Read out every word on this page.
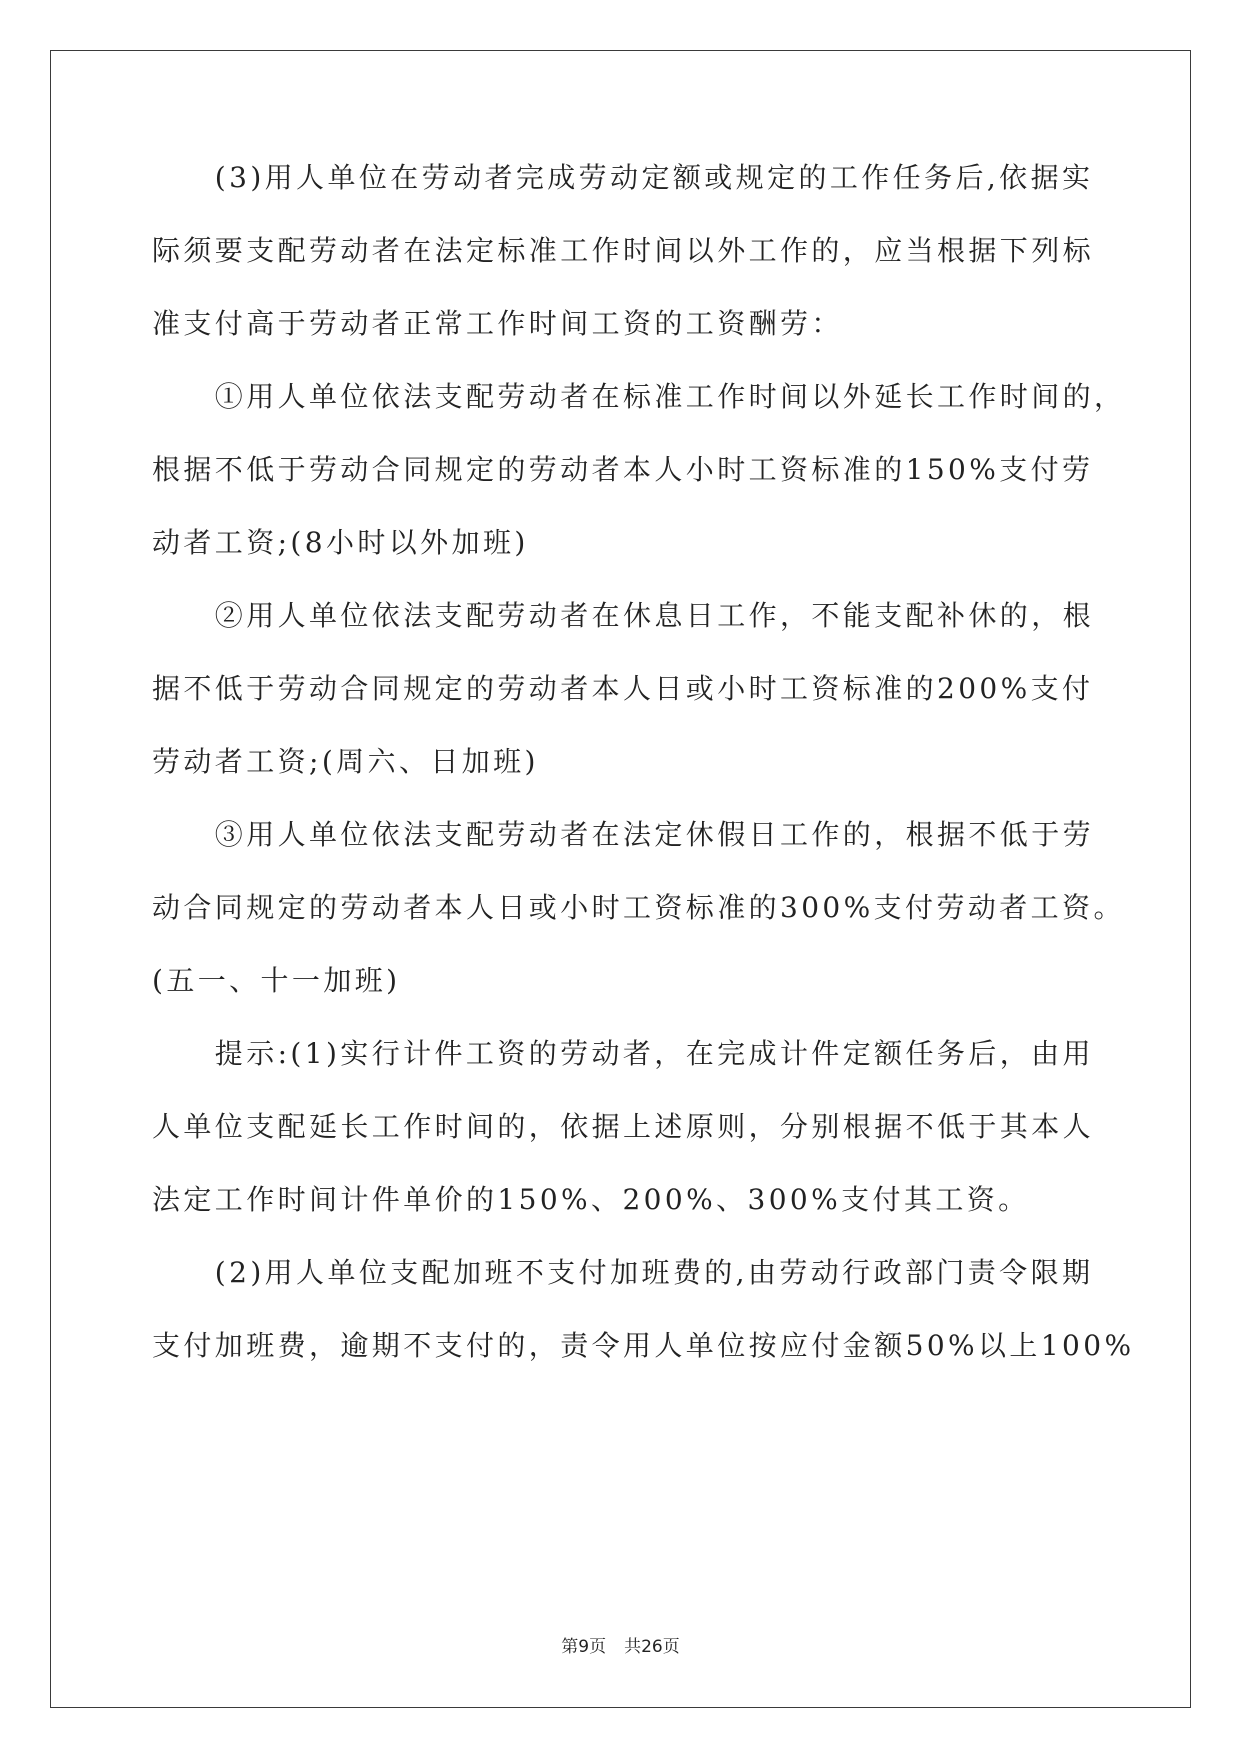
　　(3)用人单位在劳动者完成劳动定额或规定的工作任务后,依据实
际须要支配劳动者在法定标准工作时间以外工作的，应当根据下列标
准支付高于劳动者正常工作时间工资的工资酬劳：
　　①用人单位依法支配劳动者在标准工作时间以外延长工作时间的，
根据不低于劳动合同规定的劳动者本人小时工资标准的150%支付劳
动者工资;(8小时以外加班)
　　②用人单位依法支配劳动者在休息日工作，不能支配补休的，根
据不低于劳动合同规定的劳动者本人日或小时工资标准的200%支付
劳动者工资;(周六、日加班)
　　③用人单位依法支配劳动者在法定休假日工作的，根据不低于劳
动合同规定的劳动者本人日或小时工资标准的300%支付劳动者工资。
(五一、十一加班)
　　提示:(1)实行计件工资的劳动者，在完成计件定额任务后，由用
人单位支配延长工作时间的，依据上述原则，分别根据不低于其本人
法定工作时间计件单价的150%、200%、300%支付其工资。
　　(2)用人单位支配加班不支付加班费的,由劳动行政部门责令限期
支付加班费，逾期不支付的，责令用人单位按应付金额50%以上100%
第9页 共26页
